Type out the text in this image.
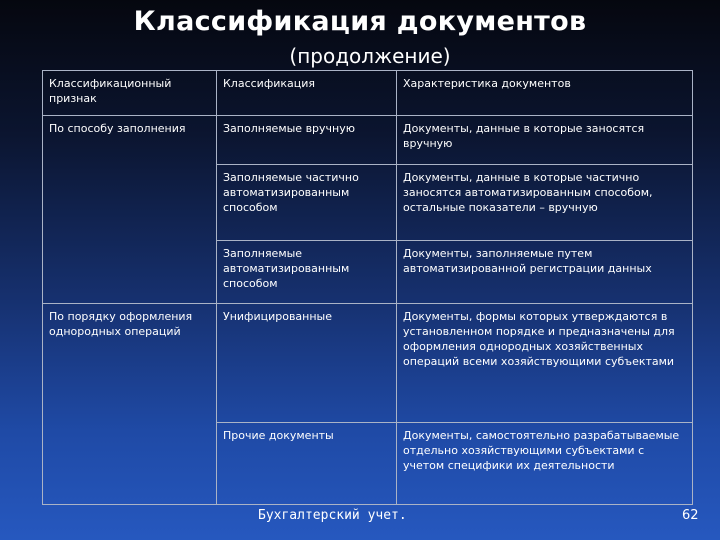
Классификация документов
(продолжение)
Классификационный признак	Классификация	Характеристика документов
По способу заполнения	Заполняемые вручную	Документы, данные в которые заносятся вручную
	Заполняемые частично автоматизированным способом	Документы, данные в которые частично заносятся автоматизированным способом, остальные показатели – вручную
	Заполняемые автоматизированным способом	Документы, заполняемые путем автоматизированной регистрации данных
По порядку оформления однородных операций	Унифицированные	Документы, формы которых утверждаются в установленном порядке и предназначены для оформления однородных хозяйственных операций всеми хозяйствующими субъектами
	Прочие документы	Документы, самостоятельно разрабатываемые отдельно хозяйствующими субъектами с учетом специфики их деятельности
Бухгалтерский учет.	62
